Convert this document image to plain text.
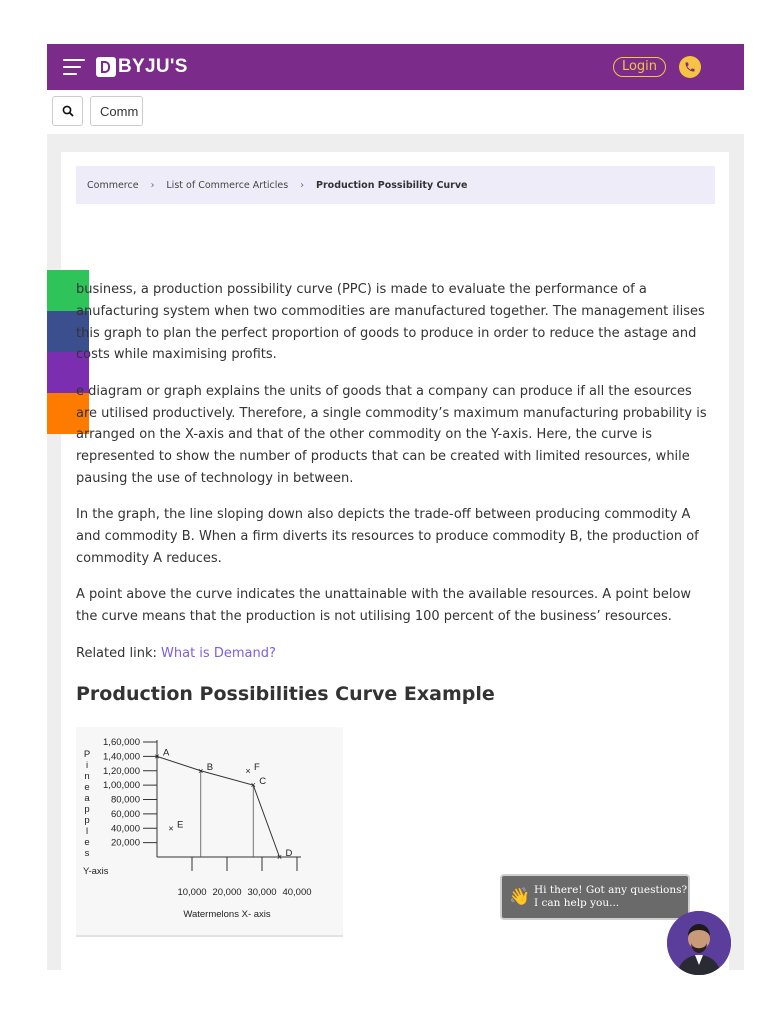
BYJU'S	Login
Comm
Commerce › List of Commerce Articles › Production Possibility Curve

business, a production possibility curve (PPC) is made to evaluate the performance of a anufacturing system when two commodities are manufactured together. The management ilises this graph to plan the perfect proportion of goods to produce in order to reduce the astage and costs while maximising profits.

e diagram or graph explains the units of goods that a company can produce if all the esources are utilised productively. Therefore, a single commodity’s maximum manufacturing probability is arranged on the X-axis and that of the other commodity on the Y-axis. Here, the curve is represented to show the number of products that can be created with limited resources, while pausing the use of technology in between.

In the graph, the line sloping down also depicts the trade-off between producing commodity A and commodity B. When a firm diverts its resources to produce commodity B, the production of commodity A reduces.

A point above the curve indicates the unattainable with the available resources. A point below the curve means that the production is not utilising 100 percent of the business’ resources.

Related link: What is Demand?

Production Possibilities Curve Example
1,60,000
1,40,000
1,20,000
1,00,000
80,000
60,000
40,000
20,000
10,000 20,000 30,000 40,000
P
i
n
e
a
p
p
l
e
s
Y-axis
Watermelons X- axis
× A
× B
× C
× D
× F
× E
👋 Hi there! Got any questions?
I can help you...
